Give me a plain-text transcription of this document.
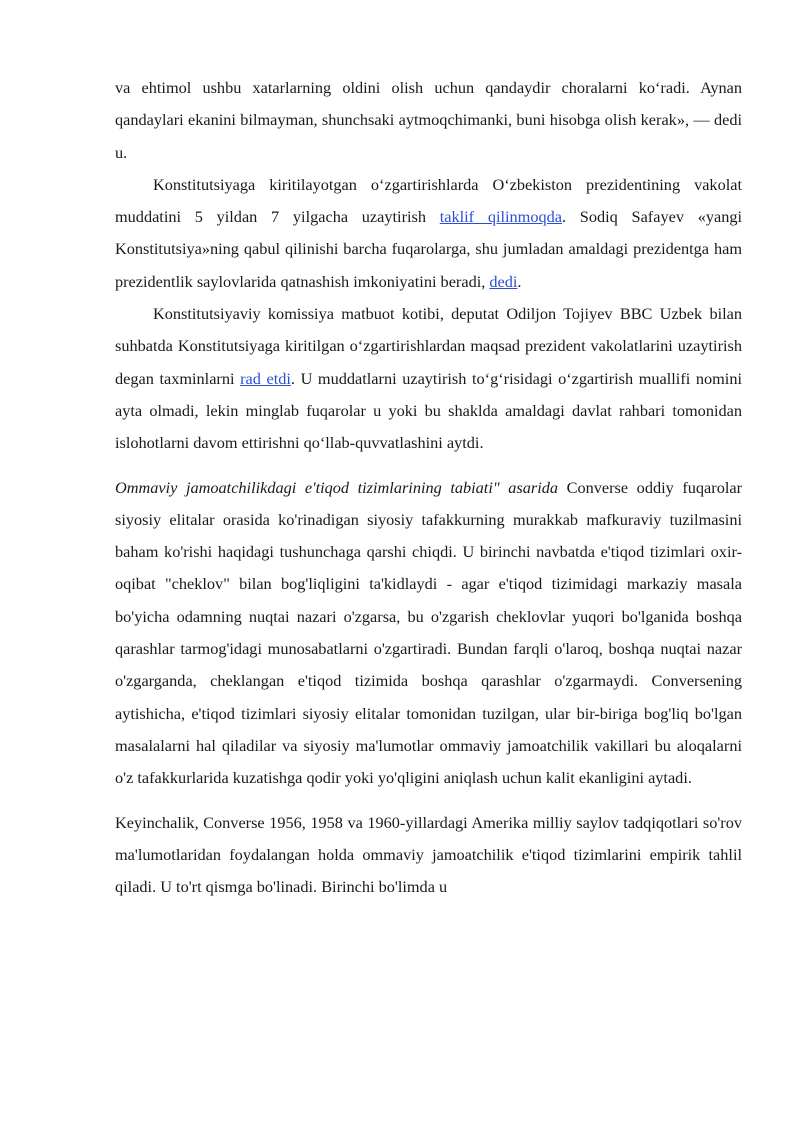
va ehtimol ushbu xatarlarning oldini olish uchun qandaydir choralarni ko‘radi. Aynan qandaylari ekanini bilmayman, shunchsaki aytmoqchimanki, buni hisobga olish kerak», — dedi u.

Konstitutsiyaga kiritilayotgan o‘zgartirishlarda O‘zbekiston prezidentining vakolat muddatini 5 yildan 7 yilgacha uzaytirish taklif qilinmoqda. Sodiq Safayev «yangi Konstitutsiya»ning qabul qilinishi barcha fuqarolarga, shu jumladan amaldagi prezidentga ham prezidentlik saylovlarida qatnashish imkoniyatini beradi, dedi.

Konstitutsiyaviy komissiya matbuot kotibi, deputat Odiljon Tojiyev BBC Uzbek bilan suhbatda Konstitutsiyaga kiritilgan o‘zgartirishlardan maqsad prezident vakolatlarini uzaytirish degan taxminlarni rad etdi. U muddatlarni uzaytirish to‘g‘risidagi o‘zgartirish muallifi nomini ayta olmadi, lekin minglab fuqarolar u yoki bu shaklda amaldagi davlat rahbari tomonidan islohotlarni davom ettirishni qo‘llab-quvvatlashini aytdi.

Ommaviy jamoatchilikdagi e'tiqod tizimlarining tabiati" asarida Converse oddiy fuqarolar siyosiy elitalar orasida ko'rinadigan siyosiy tafakkurning murakkab mafkuraviy tuzilmasini baham ko'rishi haqidagi tushunchaga qarshi chiqdi. U birinchi navbatda e'tiqod tizimlari oxir-oqibat "cheklov" bilan bog'liqligini ta'kidlaydi - agar e'tiqod tizimidagi markaziy masala bo'yicha odamning nuqtai nazari o'zgarsa, bu o'zgarish cheklovlar yuqori bo'lganida boshqa qarashlar tarmog'idagi munosabatlarni o'zgartiradi. Bundan farqli o'laroq, boshqa nuqtai nazar o'zgarganda, cheklangan e'tiqod tizimida boshqa qarashlar o'zgarmaydi. Conversening aytishicha, e'tiqod tizimlari siyosiy elitalar tomonidan tuzilgan, ular bir-biriga bog'liq bo'lgan masalalarni hal qiladilar va siyosiy ma'lumotlar ommaviy jamoatchilik vakillari bu aloqalarni o'z tafakkurlarida kuzatishga qodir yoki yo'qligini aniqlash uchun kalit ekanligini aytadi.

Keyinchalik, Converse 1956, 1958 va 1960-yillardagi Amerika milliy saylov tadqiqotlari so'rov ma'lumotlaridan foydalangan holda ommaviy jamoatchilik e'tiqod tizimlarini empirik tahlil qiladi. U to'rt qismga bo'linadi. Birinchi bo'limda u
